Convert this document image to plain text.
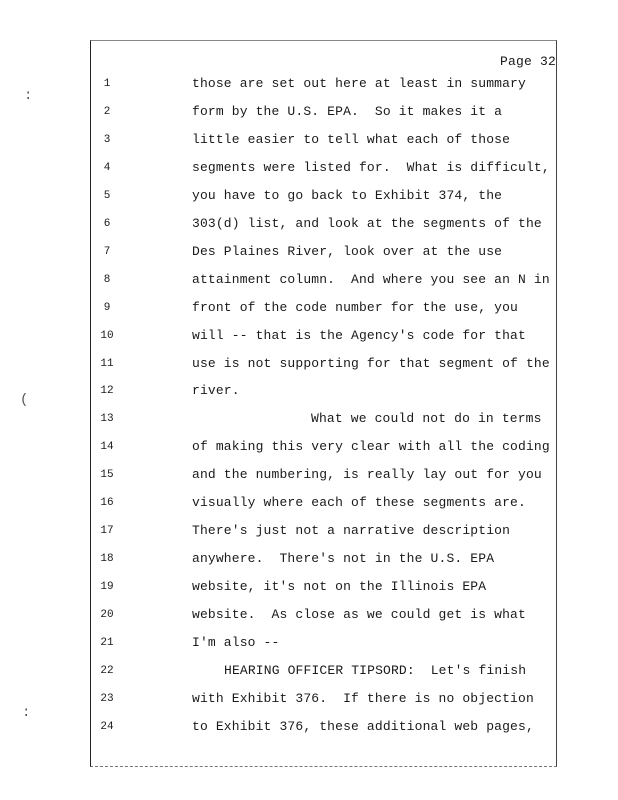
Page 32
:
(
:
1	those are set out here at least in summary
2	form by the U.S. EPA.  So it makes it a
3	little easier to tell what each of those
4	segments were listed for.  What is difficult,
5	you have to go back to Exhibit 374, the
6	303(d) list, and look at the segments of the
7	Des Plaines River, look over at the use
8	attainment column.  And where you see an N in
9	front of the code number for the use, you
10	will -- that is the Agency's code for that
11	use is not supporting for that segment of the
12	river.
13	What we could not do in terms
14	of making this very clear with all the coding
15	and the numbering, is really lay out for you
16	visually where each of these segments are.
17	There's just not a narrative description
18	anywhere.  There's not in the U.S. EPA
19	website, it's not on the Illinois EPA
20	website.  As close as we could get is what
21	I'm also --
22	HEARING OFFICER TIPSORD:  Let's finish
23	with Exhibit 376.  If there is no objection
24	to Exhibit 376, these additional web pages,
